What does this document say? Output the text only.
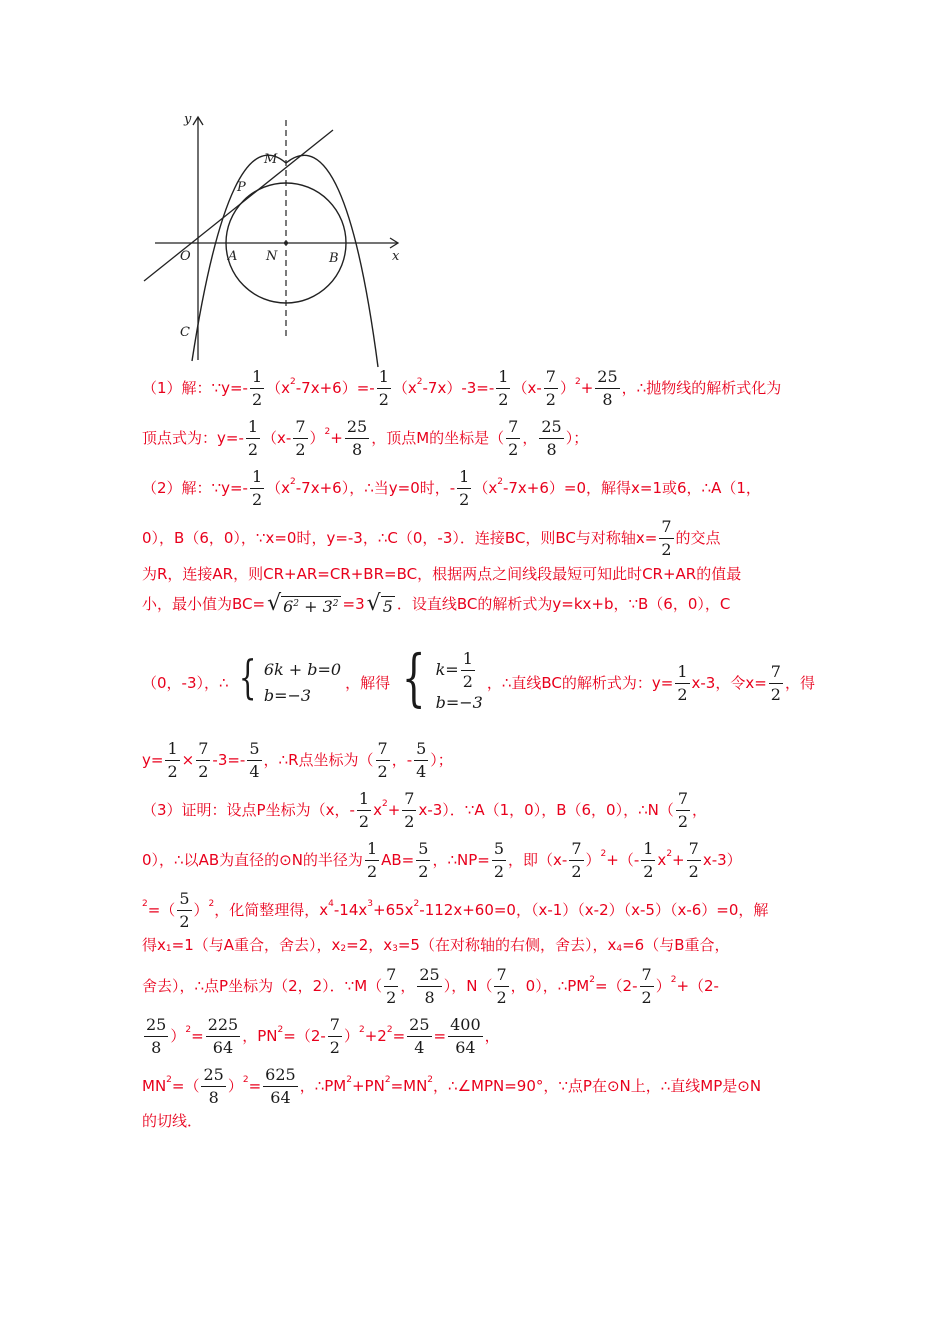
y
x
M
P
O	A N	B
C
（1）解：∵y=- $\frac{1}{2} (x$ 2 $-7x+6)=- \frac{1}{2} (x$ 2 $-7x)-3=- \frac{1}{2} (x- \frac{7}{2}$ ） $2 + \frac{25}{8}$ ，∴抛物线的解析式化为
顶点式为：$y=- \frac{1}{2} (x- \frac{7}{2}$ ） $2 + \frac{25}{8}$ ，顶点M的坐标是（ $\frac{7}{2}$ ， $\frac{25}{8}$ ）；
（2）解：∵y=- $\frac{1}{2} (x$ 2 -7x+6），∴当y=0时，- $\frac{1}{2} (x$ 2 -7x+6）=0，解得x=1或6，∴A（1，
0），B（6，0），∵x=0时，y=-3，∴C（0，-3）．连接BC，则BC与对称轴$x= \frac{7}{2}$ 的交点
为R，连接AR，则CR+AR=CR+BR=BC，根据两点之间线段最短可知此时CR+AR的值最
小，最小值为BC= √ $6^2 + 3^2 =3$ √ 5 ．设直线BC的解析式为y=kx+b，∵B（6，0），C
（0，-3），∴ { 6k + b=0
b=−3
，解得 { $k= \frac{1}{2}$
b=−3
，∴直线BC的解析式为：$y= \frac{1}{2} x-3$，令$x= \frac{7}{2}$ ，得
$y= \frac{1}{2} \times \frac{7}{2} -3=- \frac{5}{4}$ ，∴R点坐标为（ $\frac{7}{2}$ ，- $\frac{5}{4}$ ）；
（3）证明：设点P坐标为（x，- $\frac{1}{2}$ x $2 + \frac{7}{2} x-3$）．∵A（1，0），B（6，0），∴N（ $\frac{7}{2}$ ，
0），∴以AB为直径的⊙N的半径为 $\frac{1}{2} AB= \frac{5}{2}$ ，∴NP= $\frac{5}{2}$ ，即（$x- \frac{7}{2}$ ） 2 +（- $\frac{1}{2}$ x $2 + \frac{7}{2} x-3$）
2 =（ $\frac{5}{2}$ ） 2 ，化简整理得，x 4 -14x 3 +65x 2 -112x+60=0，（x-1）（x-2）（x-5）（x-6）=0，解
得x 1 =1（与A重合，舍去），x 2 =2，x 3 =5（在对称轴的右侧，舍去），x 4 =6（与B重合，
舍去），∴点P坐标为（2，2）．∵M（ $\frac{7}{2}$ ， $\frac{25}{8}$ ），$N( \frac{7}{2}$ ，0），∴PM $2 =(2- \frac{7}{2}$ ） 2 +（2-
$\frac{25}{8}$ ） $2 = \frac{225}{64}$ ，PN $2 =(2- \frac{7}{2}$ ） 2 +2 $2 = \frac{25}{4} = \frac{400}{64}$ ，
MN 2 =（ $\frac{25}{8}$ ） $2 = \frac{625}{64}$ ，∴PM 2 +PN 2 =MN 2 ，∴∠MPN=90°，∵点P在⊙N上，∴直线MP是⊙N
的切线．
